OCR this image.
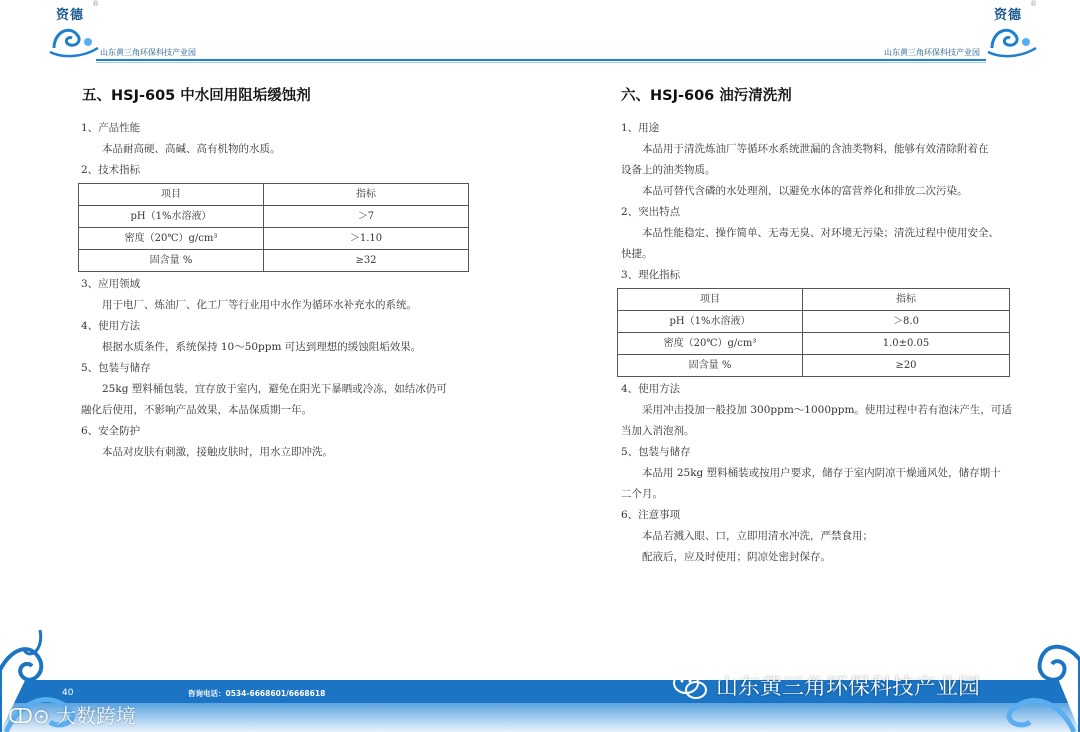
资德
®
山东黄三角环保科技产业园
五、HSJ-605 中水回用阻垢缓蚀剂

1、产品性能

本品耐高硬、高碱、高有机物的水质。

2、技术指标

项目	指标
pH（1%水溶液）	＞7
密度（20℃）g/cm³	＞1.10
固含量 %	≥32

3、应用领域

用于电厂、炼油厂、化工厂等行业用中水作为循环水补充水的系统。

4、使用方法

根据水质条件，系统保持 10～50ppm 可达到理想的缓蚀阻垢效果。

5、包装与储存

25kg 塑料桶包装，宜存放于室内，避免在阳光下暴晒或冷冻，如结冰仍可

融化后使用，不影响产品效果，本品保质期一年。

6、安全防护

本品对皮肤有刺激，接触皮肤时，用水立即冲洗。

山东黄三角环保科技产业园
资德
®
六、HSJ-606 油污清洗剂

1、用途

本品用于清洗炼油厂等循环水系统泄漏的含油类物料，能够有效清除附着在

设备上的油类物质。

本品可替代含磷的水处理剂，以避免水体的富营养化和排放二次污染。

2、突出特点

本品性能稳定、操作简单、无毒无臭、对环境无污染；清洗过程中使用安全、

快捷。

3、理化指标

项目	指标
pH（1%水溶液）	＞8.0
密度（20℃）g/cm³	1.0±0.05
固含量 %	≥20

4、使用方法

采用冲击投加一般投加 300ppm～1000ppm。使用过程中若有泡沫产生，可适

当加入消泡剂。

5、包装与储存

本品用 25kg 塑料桶装或按用户要求，储存于室内阴凉干燥通风处，储存期十

二个月。

6、注意事项

本品若溅入眼、口，立即用清水冲洗，严禁食用；

配液后，应及时使用；阴凉处密封保存。

40	咨询电话：0534-6668601/6668618
ↀ⊙ 大数跨境
山东黄三角环保科技产业园
